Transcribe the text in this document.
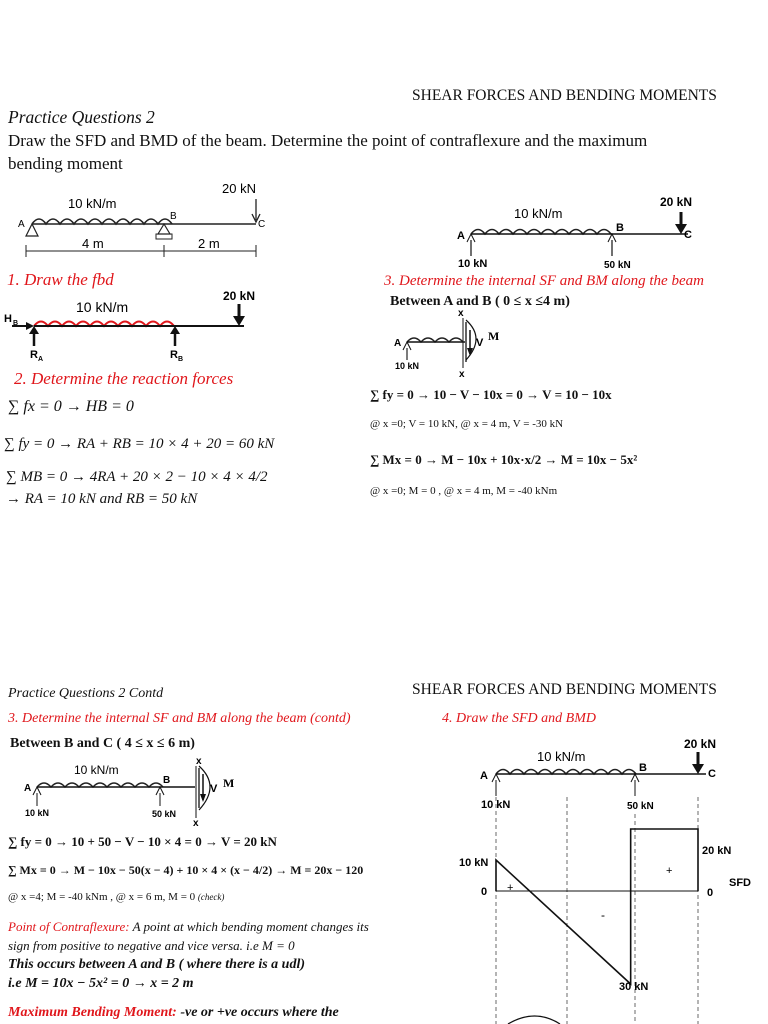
SHEAR FORCES AND BENDING MOMENTS
Practice Questions 2
Draw the SFD and BMD of the beam. Determine the point of contraflexure and the maximum
bending moment
10 kN/m
20 kN
A
B
C
4 m	2 m
1. Draw the fbd
10 kN/m
20 kN
H B
R A	R B
2. Determine the reaction forces
∑ fx = 0 → HB = 0
∑ fy = 0 → RA + RB = 10 × 4 + 20 = 60 kN
∑ MB = 0 → 4RA + 20 × 2 − 10 × 4 × 4/2
→ RA = 10 kN and RB = 50 kN
10 kN/m
20 kN
A
B
C
10 kN	50 kN
3. Determine the internal SF and BM along the beam
Between A and B ( 0 ≤ x ≤4 m)
x
x
A
10 kN
V M
∑ fy = 0 → 10 − V − 10x = 0 → V = 10 − 10x
@ x =0; V = 10 kN, @ x = 4 m, V = -30 kN
∑ Mx = 0 → M − 10x + 10x·x/2 → M = 10x − 5x²
@ x =0; M = 0 , @ x = 4 m, M = -40 kNm
Practice Questions 2 Contd	SHEAR FORCES AND BENDING MOMENTS
3. Determine the internal SF and BM along the beam (contd)	4. Draw the SFD and BMD
Between B and C ( 4 ≤ x ≤ 6 m)
10 kN/m
A
B
10 kN	50 kN
x
x
V M
∑ fy = 0 → 10 + 50 − V − 10 × 4 = 0 → V = 20 kN
∑ Mx = 0 → M − 10x − 50(x − 4) + 10 × 4 × (x − 4/2) → M = 20x − 120
@ x =4; M = -40 kNm , @ x = 6 m, M = 0 (check)
Point of Contraflexure: A point at which bending moment changes its
sign from positive to negative and vice versa. i.e M = 0
This occurs between A and B ( where there is a udl)
i.e M = 10x − 5x² = 0 → x = 2 m
Maximum Bending Moment: -ve or +ve occurs where the
10 kN/m
20 kN
A
B	C
10 kN	50 kN
10 kN
20 kN
30 kN
0	0
+
-
+
SFD
